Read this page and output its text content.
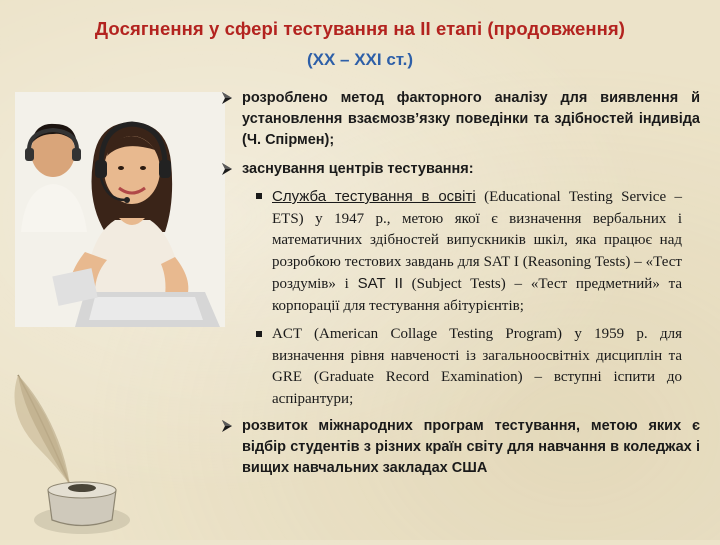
Досягнення у сфері тестування на ІІ етапі (продовження)
(ХХ – ХХІ ст.)
розроблено метод факторного аналізу для виявлення й установлення взаємозв’язку поведінки та здібностей індивіда (Ч. Спірмен);
заснування центрів тестування:
Служба тестування в освіті (Educational Testing Service – ETS) у 1947 р., метою якої є визначення вербальних і математичних здібностей випускників шкіл, яка працює над розробкою тестових завдань для SAT І (Reasoning Tests) – «Тест роздумів» і SAT II (Subject Tests) – «Тест предметний» та корпорації для тестування абітурієнтів;
ACT (American Collage Testing Program) у 1959 р. для визначення рівня навченості із загальноосвітніх дисциплін та GRE (Graduate Record Examination) – вступні іспити до аспірантури;
розвиток міжнародних програм тестування, метою яких є відбір студентів з різних країн світу для навчання в коледжах і вищих навчальних закладах США
